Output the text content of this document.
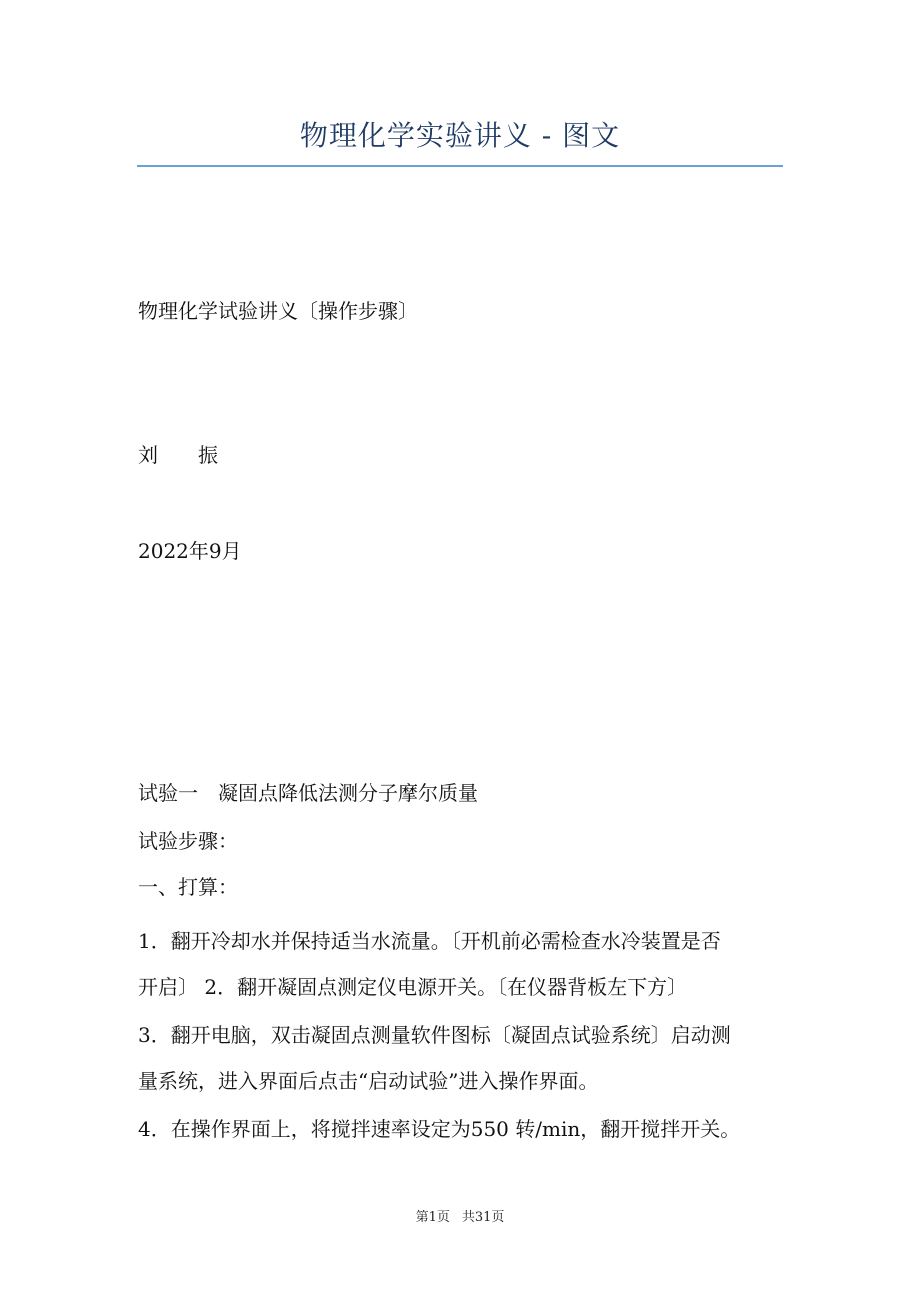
物理化学实验讲义 - 图文
物理化学试验讲义〔操作步骤〕
刘　　振
2022年9月
试验一　凝固点降低法测分子摩尔质量
试验步骤：
一、打算：
1．翻开冷却水并保持适当水流量。〔开机前必需检查水冷装置是否
开启〕 2．翻开凝固点测定仪电源开关。〔在仪器背板左下方〕
3．翻开电脑，双击凝固点测量软件图标〔凝固点试验系统〕启动测
量系统，进入界面后点击“启动试验”进入操作界面。
4．在操作界面上，将搅拌速率设定为550 转/min，翻开搅拌开关。
第1页 共31页
